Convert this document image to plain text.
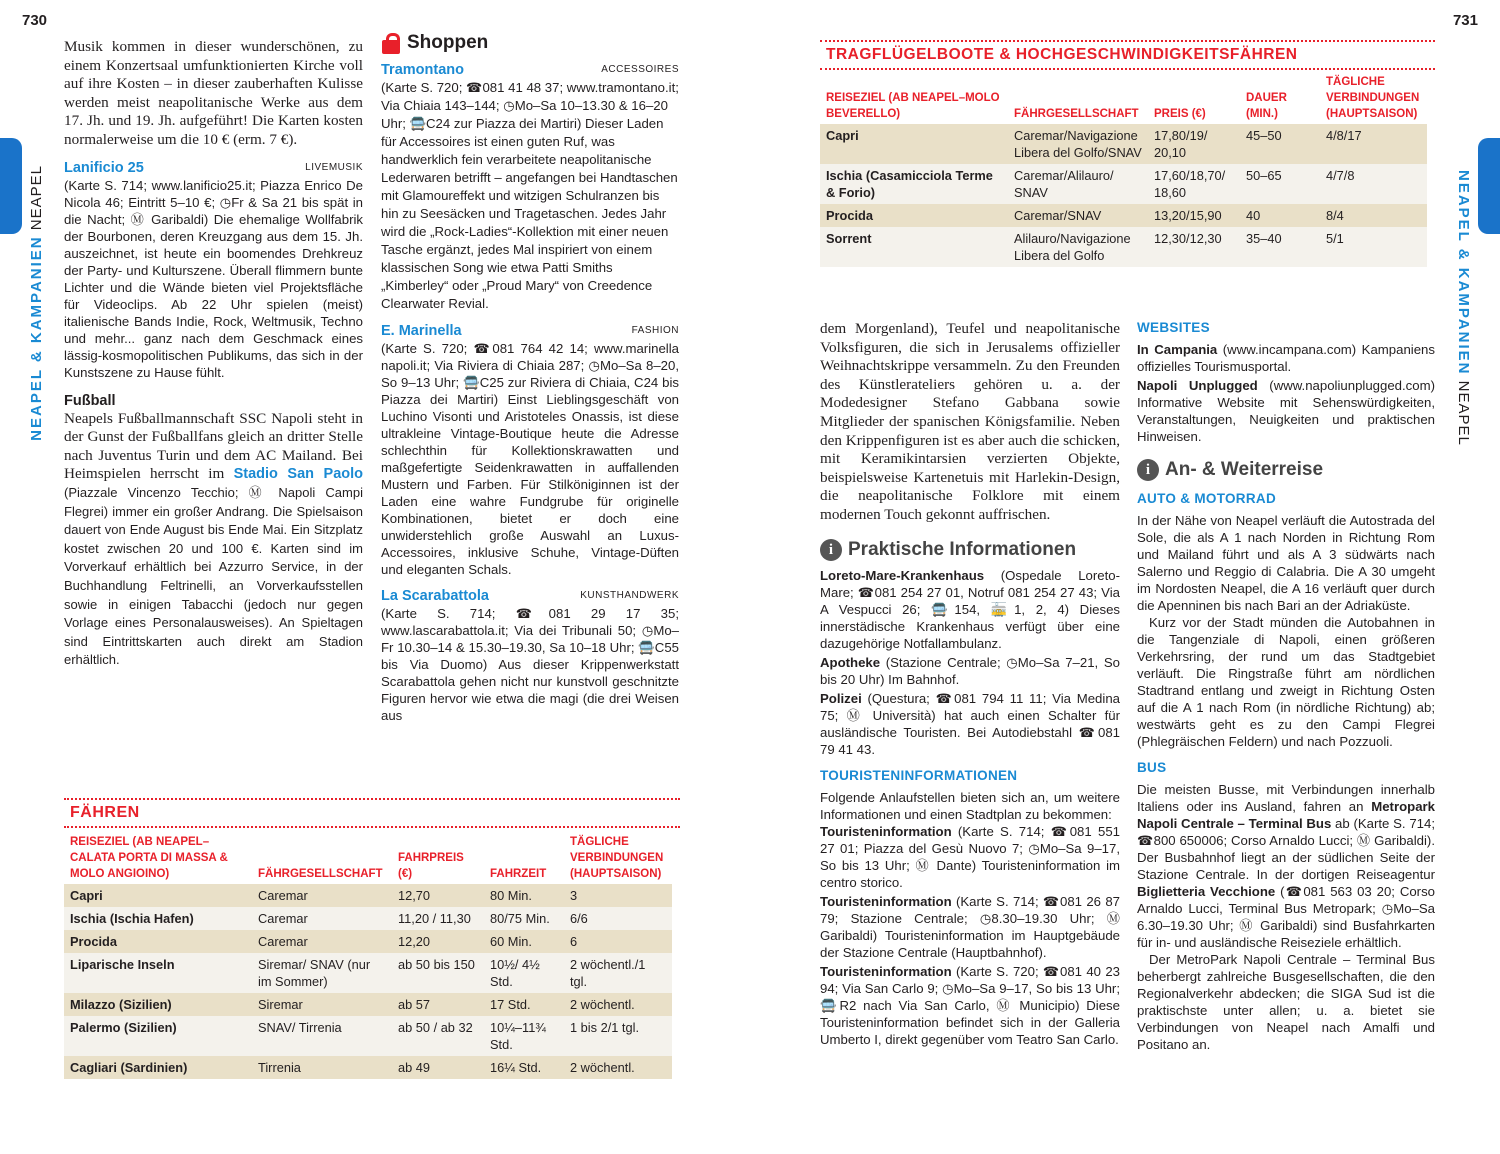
730	731
NEAPEL & KAMPANIEN NEAPEL	NEAPEL & KAMPANIEN NEAPEL

Musik kommen in dieser wunderschönen, zu einem Konzertsaal umfunktionierten Kirche voll auf ihre Kosten – in dieser zauberhaften Kulisse werden meist neapolitanische Werke aus dem 17. Jh. und 19. Jh. aufgeführt! Die Karten kosten normalerweise um die 10 € (erm. 7 €).

LIVEMUSIK
Lanificio 25

(Karte S. 714; www.lanificio25.it; Piazza Enrico De Nicola 46; Eintritt 5–10 €; ◷Fr & Sa 21 bis spät in die Nacht; Ⓜ Garibaldi) Die ehemalige Wollfabrik der Bourbonen, deren Kreuzgang aus dem 15. Jh. auszeichnet, ist heute ein boomendes Drehkreuz der Party- und Kulturszene. Überall flimmern bunte Lichter und die Wände bieten viel Projektsfläche für Videoclips. Ab 22 Uhr spielen (meist) italienische Bands Indie, Rock, Weltmusik, Techno und mehr... ganz nach dem Geschmack eines lässig-kosmopolitischen Publikums, das sich in der Kunstszene zu Hause fühlt.

Fußball

Neapels Fußballmannschaft SSC Napoli steht in der Gunst der Fußballfans gleich an dritter Stelle nach Juventus Turin und dem AC Mailand. Bei Heimspielen herrscht im Stadio San Paolo (Piazzale Vincenzo Tecchio; Ⓜ Napoli Campi Flegrei) immer ein großer Andrang. Die Spielsaison dauert von Ende August bis Ende Mai. Ein Sitzplatz kostet zwischen 20 und 100 €. Karten sind im Vorverkauf erhältlich bei Azzurro Service, in der Buchhandlung Feltrinelli, an Vorverkaufsstellen sowie in einigen Tabacchi (jedoch nur gegen Vorlage eines Personalausweises). An Spieltagen sind Eintrittskarten auch direkt am Stadion erhältlich.

Shoppen
ACCESSOIRES
Tramontano

(Karte S. 720; ☎081 41 48 37; www.tramontano.it; Via Chiaia 143–144; ◷Mo–Sa 10–13.30 & 16–20 Uhr; 🚍C24 zur Piazza dei Martiri) Dieser Laden für Accessoires ist einen guten Ruf, was handwerklich fein verarbeitete neapolitanische Lederwaren betrifft – angefangen bei Handtaschen mit Glamoureffekt und witzigen Schulranzen bis hin zu Seesäcken und Tragetaschen. Jedes Jahr wird die „Rock-Ladies“-Kollektion mit einer neuen Tasche ergänzt, jedes Mal inspiriert von einem klassischen Song wie etwa Patti Smiths „Kimberley“ oder „Proud Mary“ von Creedence Clearwater Revial.

FASHION
E. Marinella

(Karte S. 720; ☎081 764 42 14; www.marinella napoli.it; Via Riviera di Chiaia 287; ◷Mo–Sa 8–20, So 9–13 Uhr; 🚍C25 zur Riviera di Chiaia, C24 bis Piazza dei Martiri) Einst Lieblingsgeschäft von Luchino Visonti und Aristoteles Onassis, ist diese ultrakleine Vintage-Boutique heute die Adresse schlechthin für Kollektionskrawatten und maßgefertigte Seidenkrawatten in auffallenden Mustern und Farben. Für Stilköniginnen ist der Laden eine wahre Fundgrube für originelle Kombinationen, bietet er doch eine unwiderstehlich große Auswahl an Luxus-Accessoires, inklusive Schuhe, Vintage-Düften und eleganten Schals.

KUNSTHANDWERK
La Scarabattola

(Karte S. 714; ☎081 29 17 35; www.lascarabattola.it; Via dei Tribunali 50; ◷Mo–Fr 10.30–14 & 15.30–19.30, Sa 10–18 Uhr; 🚍C55 bis Via Duomo) Aus dieser Krippenwerkstatt Scarabattola gehen nicht nur kunstvoll geschnitzte Figuren hervor wie etwa die magi (die drei Weisen aus

FÄHREN
REISEZIEL (AB NEAPEL–CALATA PORTA DI MASSA & MOLO ANGIOINO)	FÄHRGESELLSCHAFT	FAHRPREIS (€)	FAHRZEIT	TÄGLICHE VERBINDUNGEN (HAUPTSAISON)
Capri	Caremar	12,70	80 Min.	3
Ischia (Ischia Hafen)	Caremar	11,20 / 11,30	80/75 Min.	6/6
Procida	Caremar	12,20	60 Min.	6
Liparische Inseln	Siremar/ SNAV (nur im Sommer)	ab 50 bis 150	10½/ 4½ Std.	2 wöchentl./1 tgl.
Milazzo (Sizilien)	Siremar	ab 57	17 Std.	2 wöchentl.
Palermo (Sizilien)	SNAV/ Tirrenia	ab 50 / ab 32	10¼–11¾ Std.	1 bis 2/1 tgl.
Cagliari (Sardinien)	Tirrenia	ab 49	16¼ Std.	2 wöchentl.
TRAGFLÜGELBOOTE & HOCHGESCHWINDIGKEITSFÄHREN
REISEZIEL (AB NEAPEL–MOLO BEVERELLO)	FÄHRGESELLSCHAFT	PREIS (€)	DAUER (MIN.)	TÄGLICHE VERBINDUNGEN (HAUPTSAISON)
Capri	Caremar/Navigazione Libera del Golfo/SNAV	17,80/19/ 20,10	45–50	4/8/17
Ischia (Casamicciola Terme & Forio)	Caremar/Alilauro/ SNAV	17,60/18,70/ 18,60	50–65	4/7/8
Procida	Caremar/SNAV	13,20/15,90	40	8/4
Sorrent	Alilauro/Navigazione Libera del Golfo	12,30/12,30	35–40	5/1

dem Morgenland), Teufel und neapolitanische Volksfiguren, die sich in Jerusalems offizieller Weihnachtskrippe versammeln. Zu den Freunden des Künstlerateliers gehören u. a. der Modedesigner Stefano Gabbana sowie Mitglieder der spanischen Königsfamilie. Neben den Krippenfiguren ist es aber auch die schicken, mit Keramikintarsien verzierten Objekte, beispielsweise Kartenetuis mit Harlekin-Design, die neapolitanische Folklore mit einem modernen Touch gekonnt auffrischen.

i Praktische Informationen

Loreto-Mare-Krankenhaus (Ospedale Loreto-Mare; ☎081 254 27 01, Notruf 081 254 27 43; Via A Vespucci 26; 🚍154, 🚋1, 2, 4) Dieses innerstädische Krankenhaus verfügt über eine dazugehörige Notfallambulanz.

Apotheke (Stazione Centrale; ◷Mo–Sa 7–21, So bis 20 Uhr) Im Bahnhof.

Polizei (Questura; ☎081 794 11 11; Via Medina 75; Ⓜ Università) hat auch einen Schalter für ausländische Touristen. Bei Autodiebstahl ☎081 79 41 43.

TOURISTENINFORMATIONEN

Folgende Anlaufstellen bieten sich an, um weitere Informationen und einen Stadtplan zu bekommen:

Touristeninformation (Karte S. 714; ☎081 551 27 01; Piazza del Gesù Nuovo 7; ◷Mo–Sa 9–17, So bis 13 Uhr; Ⓜ Dante) Touristeninformation im centro storico.

Touristeninformation (Karte S. 714; ☎081 26 87 79; Stazione Centrale; ◷8.30–19.30 Uhr; Ⓜ Garibaldi) Touristeninformation im Hauptgebäude der Stazione Centrale (Hauptbahnhof).

Touristeninformation (Karte S. 720; ☎081 40 23 94; Via San Carlo 9; ◷Mo–Sa 9–17, So bis 13 Uhr; 🚍R2 nach Via San Carlo, Ⓜ Municipio) Diese Touristeninformation befindet sich in der Galleria Umberto I, direkt gegenüber vom Teatro San Carlo.

WEBSITES

In Campania (www.incampana.com) Kampaniens offizielles Tourismusportal.

Napoli Unplugged (www.napoliunplugged.com) Informative Website mit Sehenswürdigkeiten, Veranstaltungen, Neuigkeiten und praktischen Hinweisen.

i An- & Weiterreise
AUTO & MOTORRAD

In der Nähe von Neapel verläuft die Autostrada del Sole, die als A 1 nach Norden in Richtung Rom und Mailand führt und als A 3 südwärts nach Salerno und Reggio di Calabria. Die A 30 umgeht im Nordosten Neapel, die A 16 verläuft quer durch die Apenninen bis nach Bari an der Adriaküste.

Kurz vor der Stadt münden die Autobahnen in die Tangenziale di Napoli, einen größeren Verkehrsring, der rund um das Stadtgebiet verläuft. Die Ringstraße führt am nördlichen Stadtrand entlang und zweigt in Richtung Osten auf die A 1 nach Rom (in nördliche Richtung) ab; westwärts geht es zu den Campi Flegrei (Phlegräischen Feldern) und nach Pozzuoli.

BUS

Die meisten Busse, mit Verbindungen innerhalb Italiens oder ins Ausland, fahren an Metropark Napoli Centrale – Terminal Bus ab (Karte S. 714; ☎800 650006; Corso Arnaldo Lucci; Ⓜ Garibaldi). Der Busbahnhof liegt an der südlichen Seite der Stazione Centrale. In der dortigen Reiseagentur Biglietteria Vecchione (☎081 563 03 20; Corso Arnaldo Lucci, Terminal Bus Metropark; ◷Mo–Sa 6.30–19.30 Uhr; Ⓜ Garibaldi) sind Busfahrkarten für in- und ausländische Reiseziele erhältlich.

Der MetroPark Napoli Centrale – Terminal Bus beherbergt zahlreiche Busgesellschaften, die den Regionalverkehr abdecken; die SIGA Sud ist die praktischste unter allen; u. a. bietet sie Verbindungen von Neapel nach Amalfi und Positano an.
